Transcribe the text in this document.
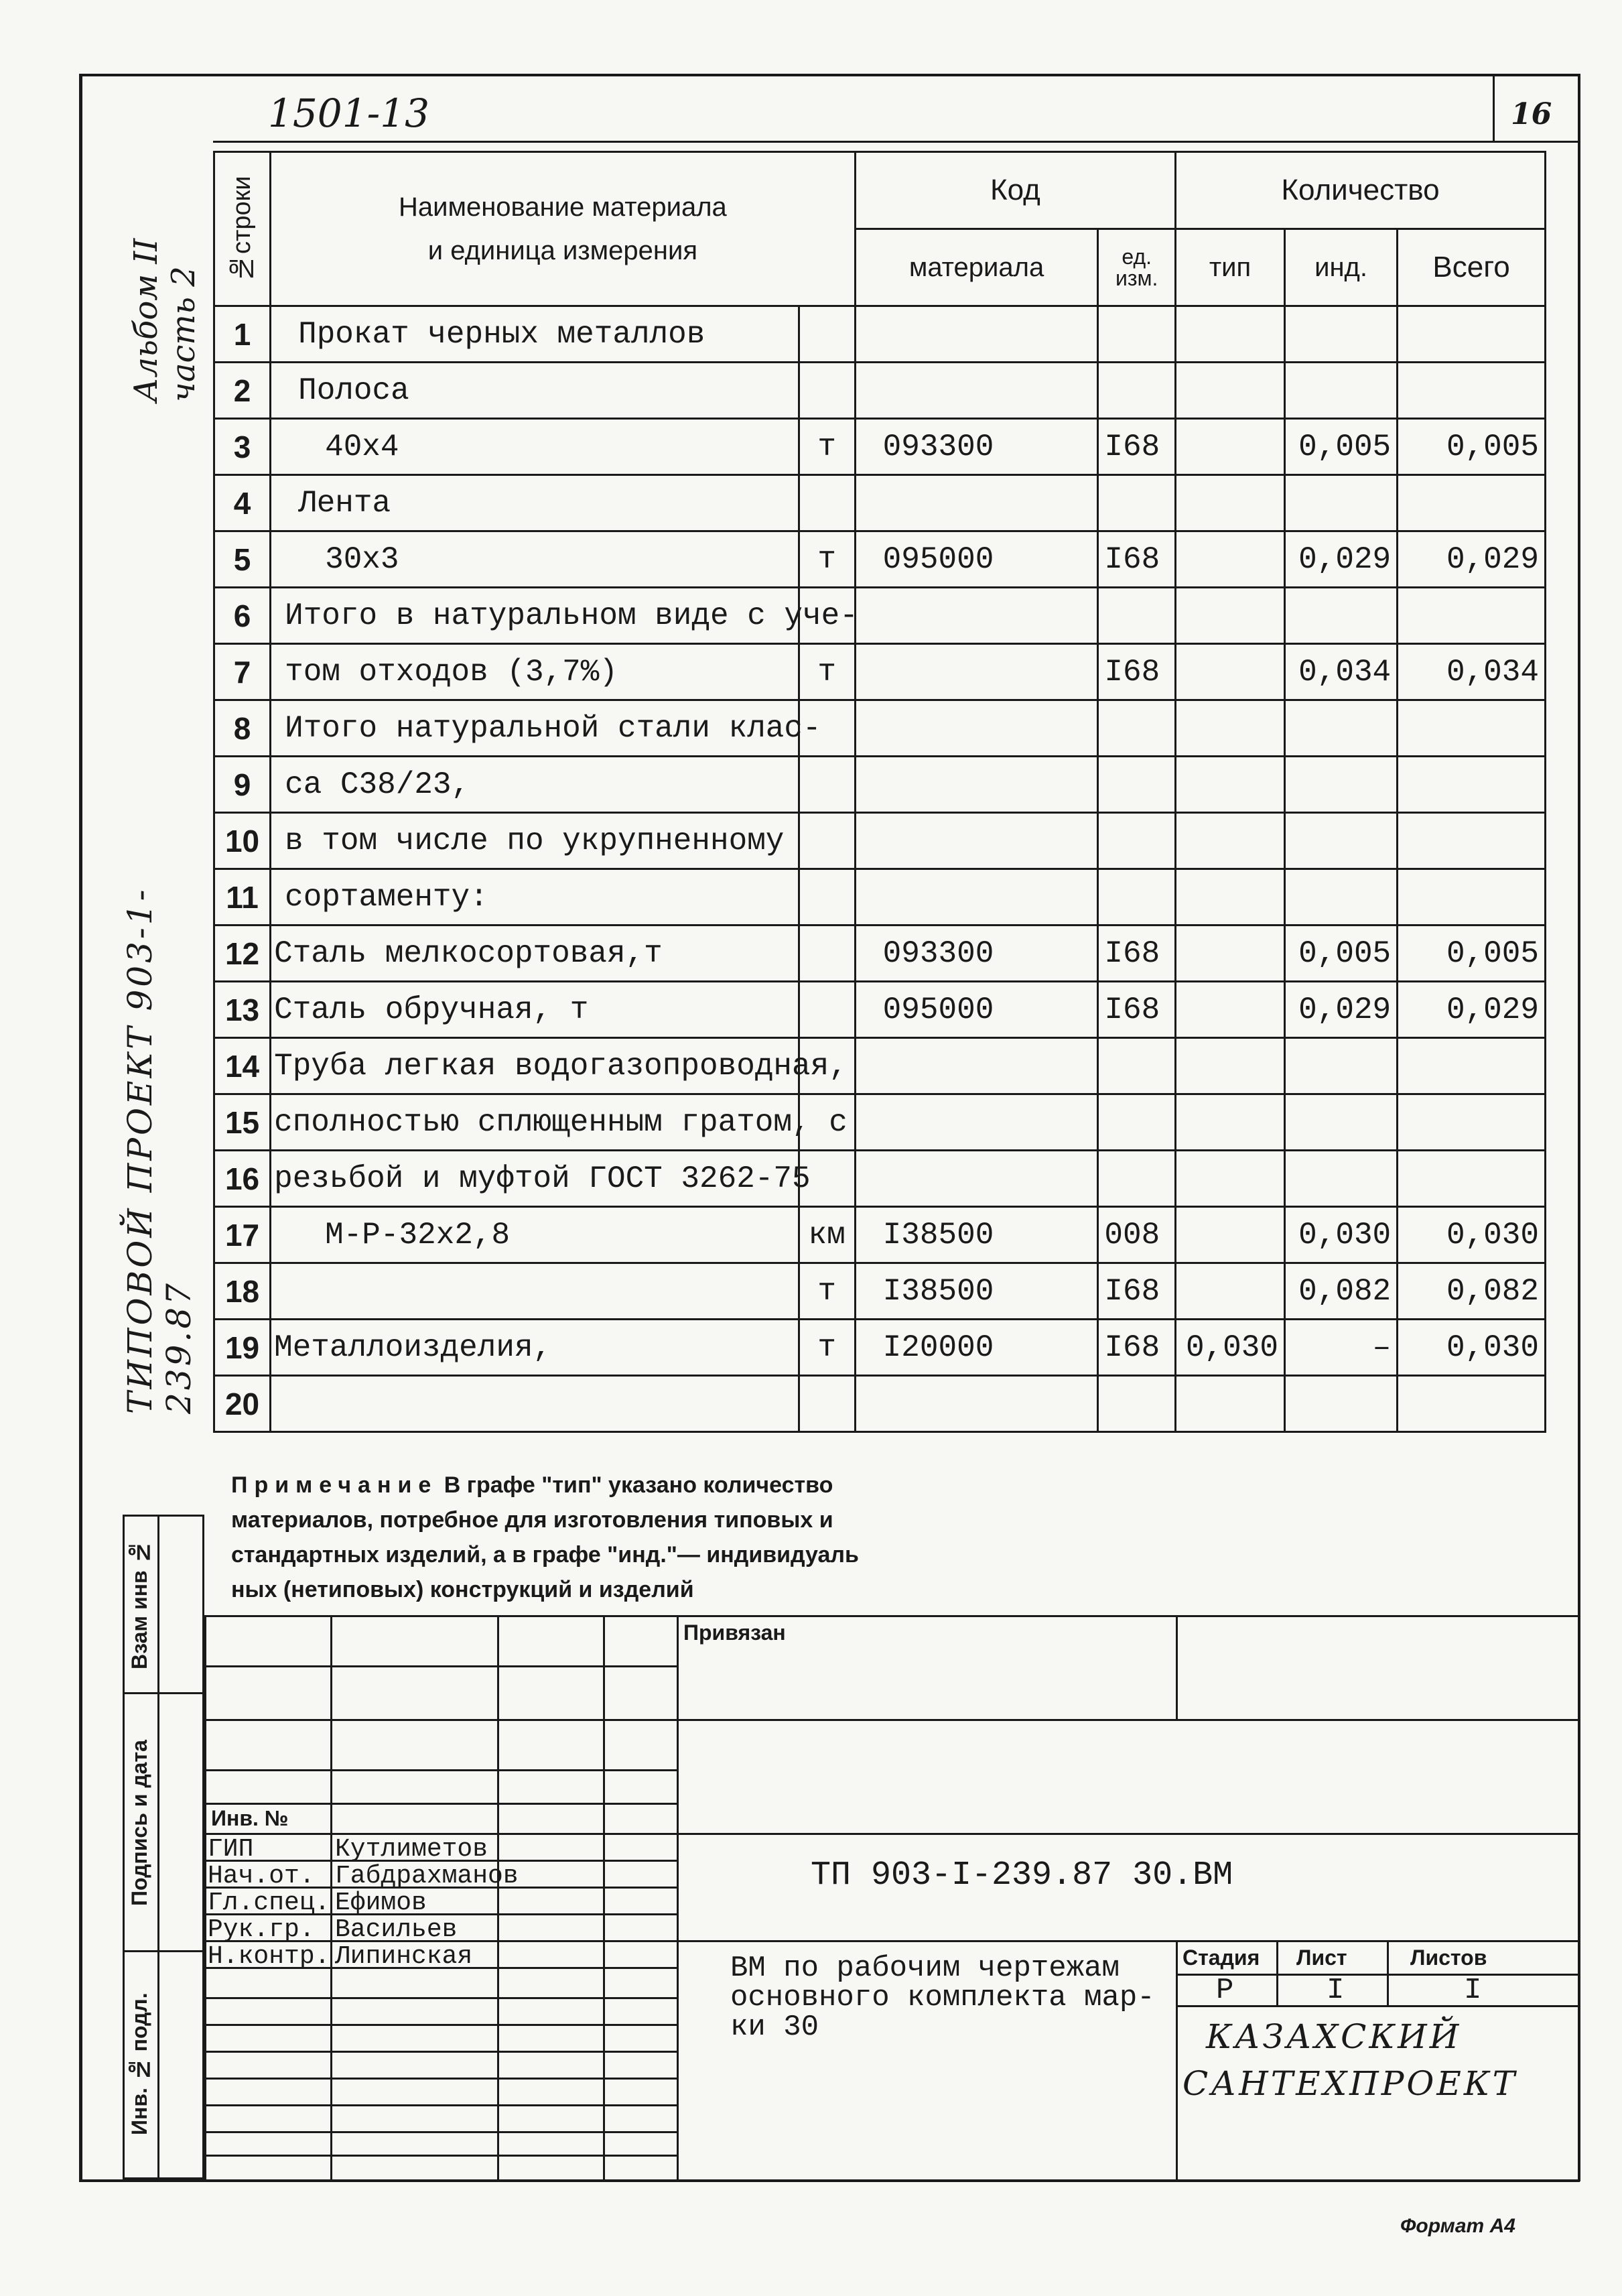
1501-13	16
Альбом II часть 2
ТИПОВОЙ ПРОЕКТ 903-1-239.87
№строки	Наименование материала
и единица измерения		Код		Количество		
			материала	ед. изм.	тип	инд.	Всего
1	Прокат черных металлов						
2	Полоса						
3	40x4	т	093300	I68		0,005	0,005
4	Лента						
5	30x3	т	095000	I68		0,029	0,029
6	Итого в натуральном виде с уче-						
7	том отходов (3,7%)	т		I68		0,034	0,034
8	Итого натуральной стали клас-						
9	са С38/23,						
10	в том числе по укрупненному						
11	сортаменту:						
12	Сталь мелкосортовая,т		093300	I68		0,005	0,005
13	Сталь обручная, т		095000	I68		0,029	0,029
14	Труба легкая водогазопроводная,						
15	сполностью сплющенным гратом, с						
16	резьбой и муфтой ГОСТ 3262-75						
17	М-Р-32x2,8	км	I38500	008		0,030	0,030
18		т	I38500	I68		0,082	0,082
19	Металлоизделия,	т	I20000	I68	0,030	–	0,030
20							
Примечание В графе "тип" указано количество
материалов, потребное для изготовления типовых и
стандартных изделий, а в графе "инд."— индивидуаль
ных (нетиповых) конструкций и изделий
Взам инв №
Подпись и дата
Инв. № подл.
Привязан
ТП 903-I-239.87 30.ВМ
ВМ по рабочим чертежам основного комплекта мар-ки 30
Стадия Лист	Листов
Р	I	I
КАЗАХСКИЙ
САНТЕХПРОЕКТ
Инв. №
ГИП	Кутлиметов
Нач.от. Габдрахманов
Гл.спец. Ефимов
Рук.гр. Васильев
Н.контр. Липинская
Формат А4
